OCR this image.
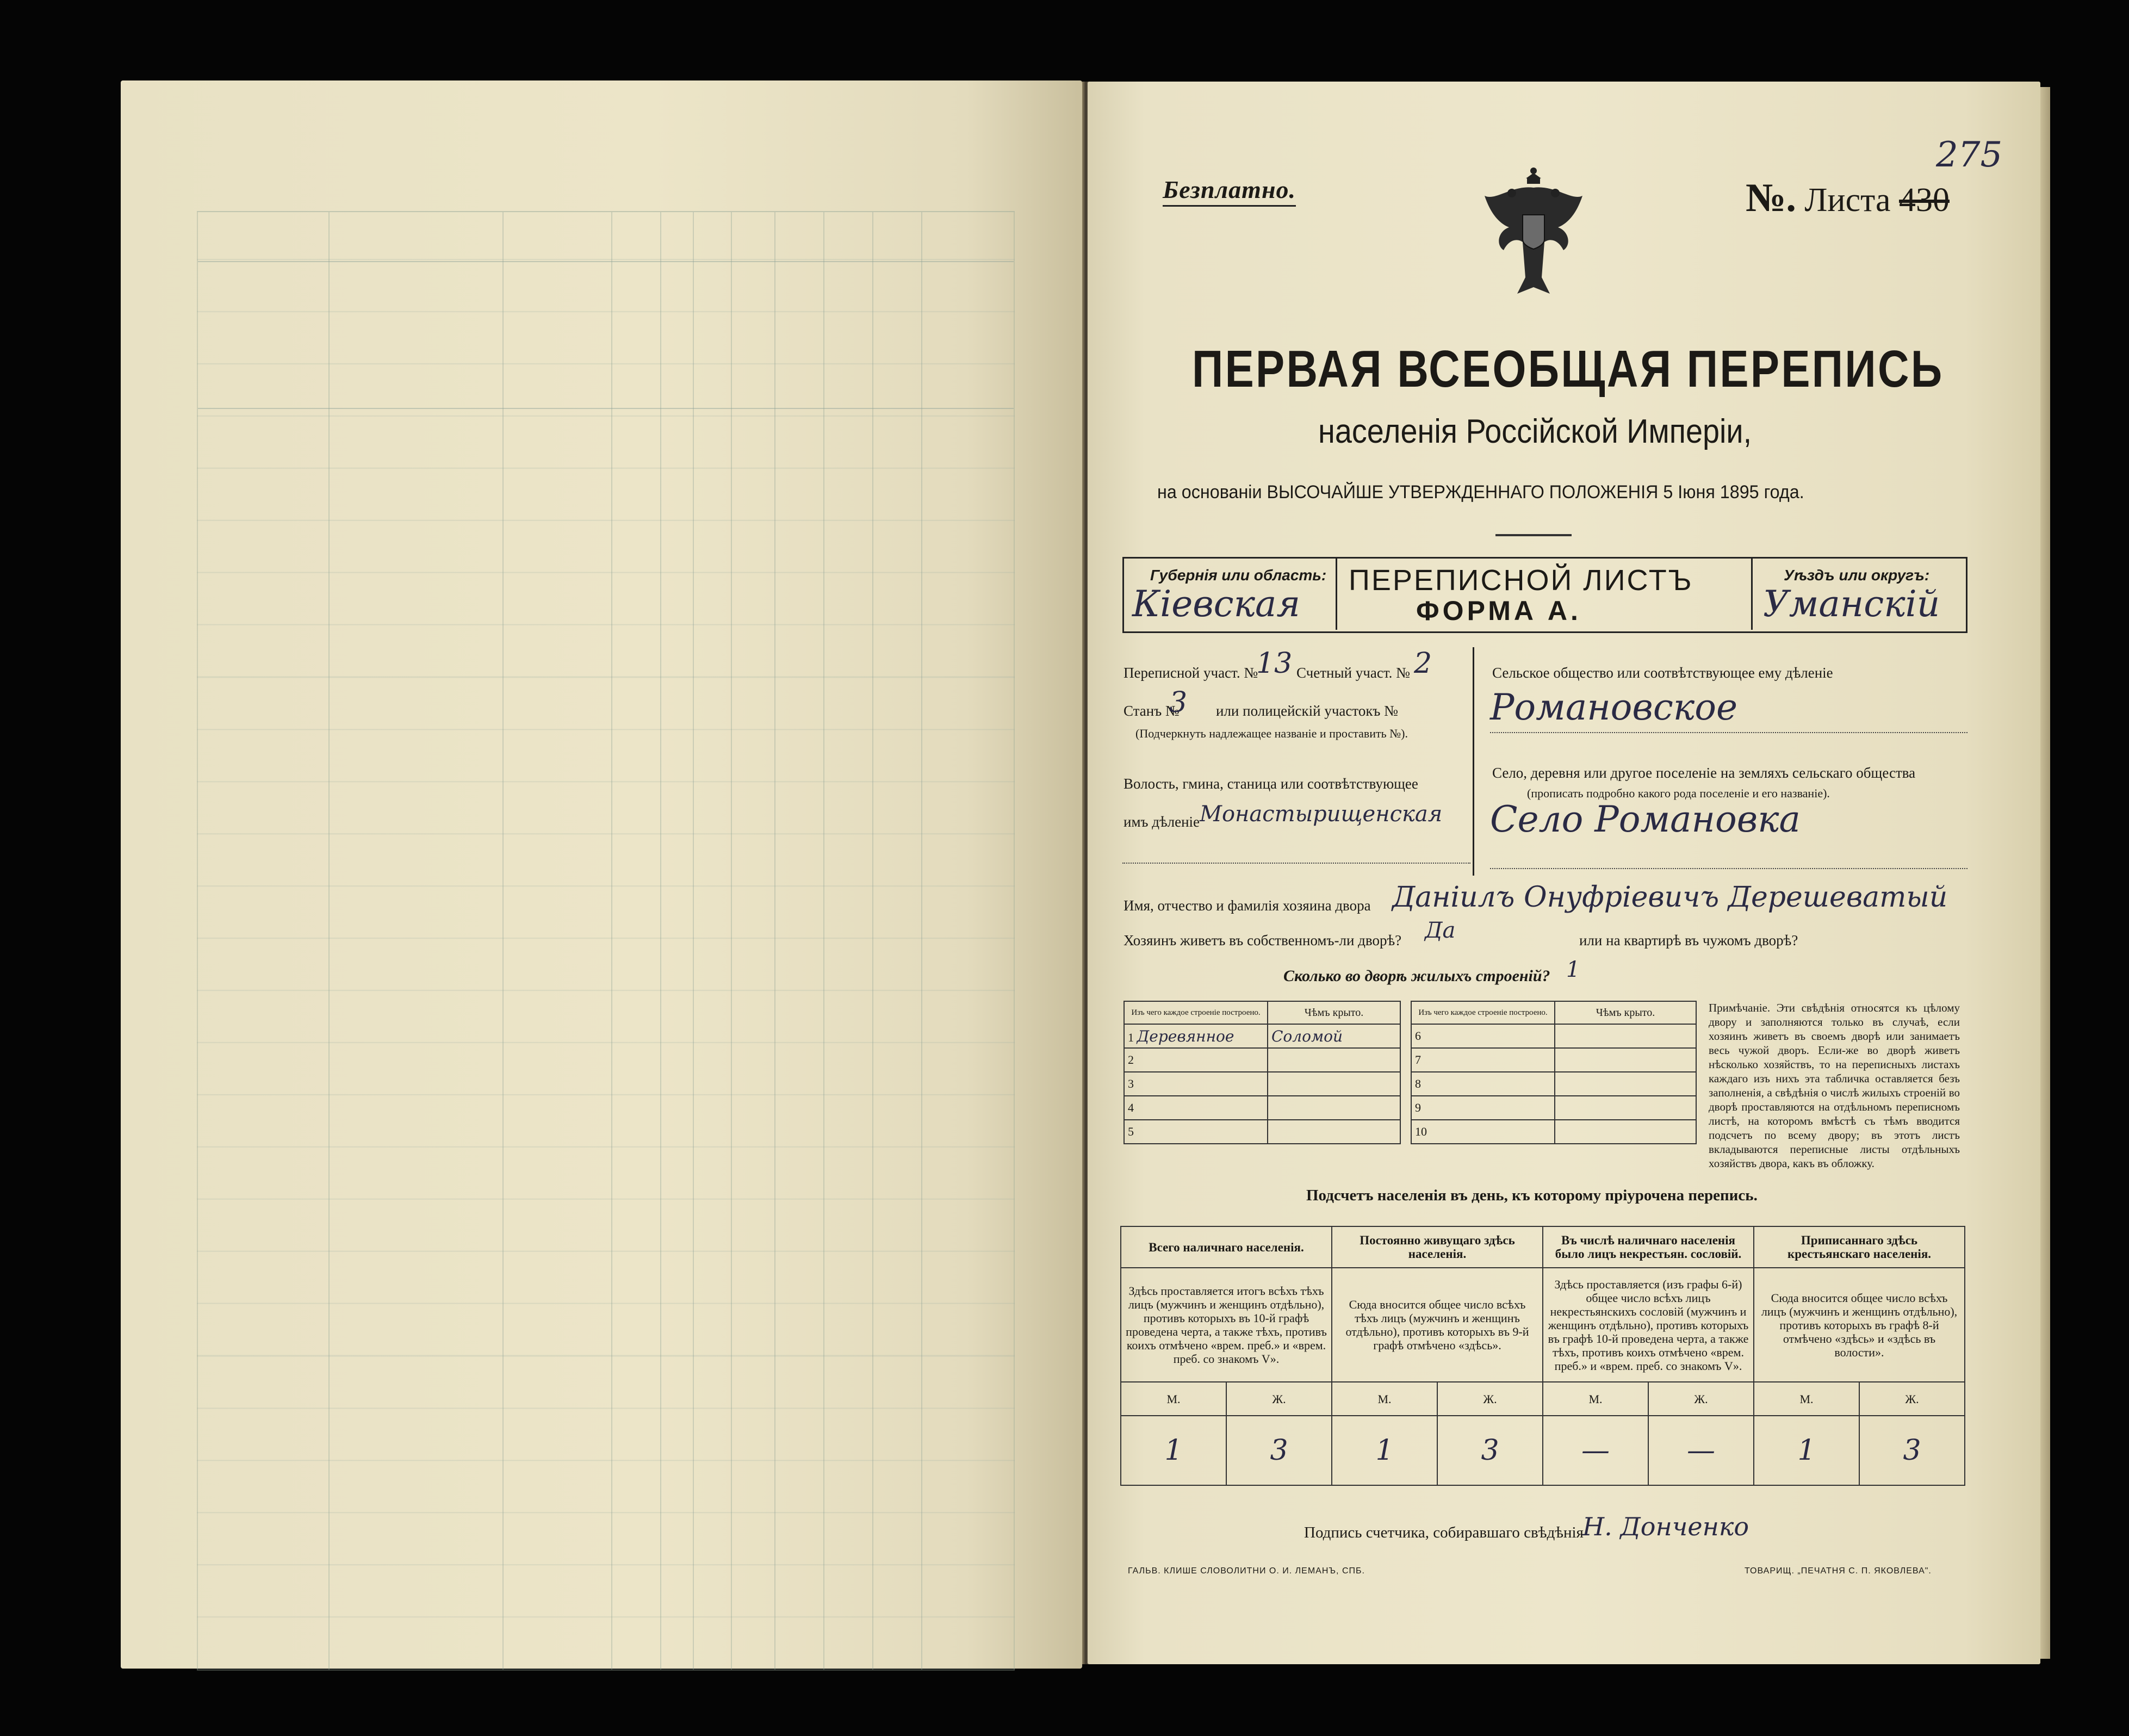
Безплатно.	№. Листа 430
275
ПЕРВАЯ ВСЕОБЩАЯ ПЕРЕПИСЬ
населенія Россійской Имперіи,
на основаніи ВЫСОЧАЙШЕ УТВЕРЖДЕННАГО ПОЛОЖЕНІЯ 5 Іюня 1895 года.
Губернія или область:
Кіевская
ПЕРЕПИСНОЙ ЛИСТЪ
ФОРМА А.
Уѣздъ или округъ:
Уманскій
Переписной участ. №
13 Счетный участ. № 2
Станъ №
3 или полицейскій участокъ №
(Подчеркнуть надлежащее названіе и проставить №).
Волость, гмина, станица или соотвѣтствующее
имъ дѣленіе Монастырищенская
Сельское общество или соотвѣтствующее ему дѣленіе
Романовское
Село, деревня или другое поселеніе на земляхъ сельскаго общества
(прописать подробно какого рода поселеніе и его названіе).
Село Романовка
Имя, отчество и фамилія хозяина двора Даніилъ Онуфріевичъ Дерешеватый
Хозяинъ живетъ въ собственномъ-ли дворѣ? Да	или на квартирѣ въ чужомъ дворѣ?
Сколько во дворѣ жилыхъ строеній? 1
Изъ чего каждое строеніе построено.	Чѣмъ крыто.
1 Деревянное	Соломой
2	
3	
4	
5	
Изъ чего каждое строеніе построено.	Чѣмъ крыто.
6	
7	
8	
9	
10	
Примѣчаніе. Эти свѣдѣнія относятся къ цѣлому двору и заполняются только въ случаѣ, если хозяинъ живетъ въ своемъ дворѣ или занимаетъ весь чужой дворъ. Если-же во дворѣ живетъ нѣсколько хозяйствъ, то на переписныхъ листахъ каждаго изъ нихъ эта табличка оставляется безъ заполненія, а свѣдѣнія о числѣ жилыхъ строеній во дворѣ проставляются на отдѣльномъ переписномъ листѣ, на которомъ вмѣстѣ съ тѣмъ вводится подсчетъ по всему двору; въ этотъ листъ вкладываются переписные листы отдѣльныхъ хозяйствъ двора, какъ въ обложку.
Подсчетъ населенія въ день, къ которому пріурочена перепись.
Всего наличнаго населенія.		Постоянно живущаго здѣсь населенія.		Въ числѣ наличнаго населенія было лицъ некрестьян. сословій.		Приписаннаго здѣсь крестьянскаго населенія.	
Здѣсь проставляется итогъ всѣхъ тѣхъ лицъ (мужчинъ и женщинъ отдѣльно), противъ которыхъ въ 10-й графѣ проведена черта, а также тѣхъ, противъ коихъ отмѣчено «врем. преб.» и «врем. преб. со знакомъ V».		Сюда вносится общее число всѣхъ тѣхъ лицъ (мужчинъ и женщинъ отдѣльно), противъ которыхъ въ 9-й графѣ отмѣчено «здѣсь».		Здѣсь проставляется (изъ графы 6-й) общее число всѣхъ лицъ некрестьянскихъ сословій (мужчинъ и женщинъ отдѣльно), противъ которыхъ въ графѣ 10-й проведена черта, а также тѣхъ, противъ коихъ отмѣчено «врем. преб.» и «врем. преб. со знакомъ V».		Сюда вносится общее число всѣхъ лицъ (мужчинъ и женщинъ отдѣльно), противъ которыхъ въ графѣ 8-й отмѣчено «здѣсь» и «здѣсь въ волости».	
М.	Ж.	М.	Ж.	М.	Ж.	М.	Ж.
1	3	1	3	—	—	1	3
Подпись счетчика, собиравшаго свѣдѣнія
Н. Донченко
ГАЛЬВ. КЛИШЕ СЛОВОЛИТНИ О. И. ЛЕМАНЪ, СПБ.	ТОВАРИЩ. „ПЕЧАТНЯ С. П. ЯКОВЛЕВА".
